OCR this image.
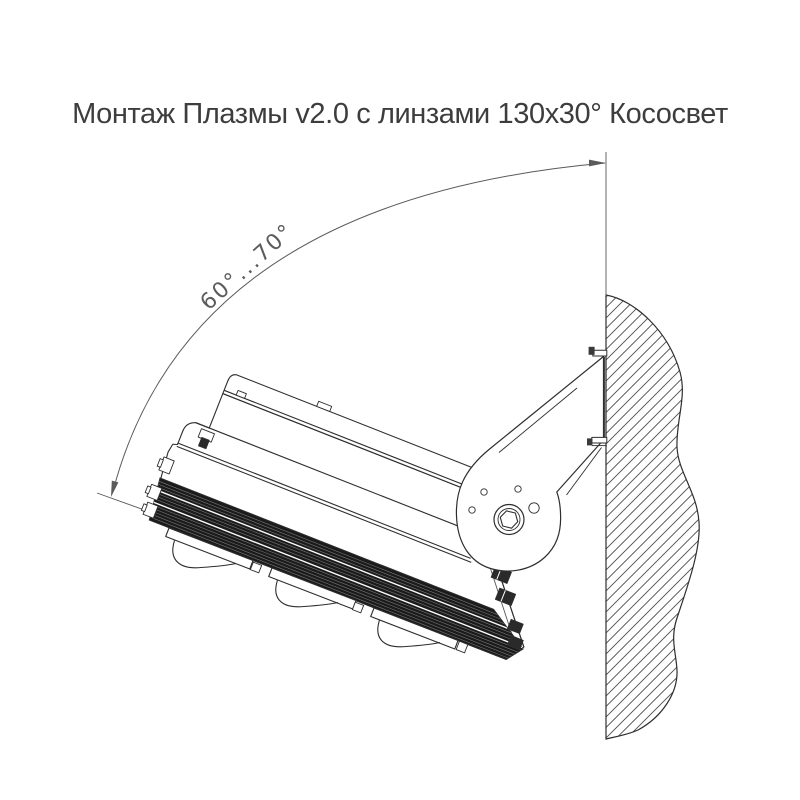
Монтаж Плазмы v2.0 с линзами 130x30° Кососвет
60°...70°
